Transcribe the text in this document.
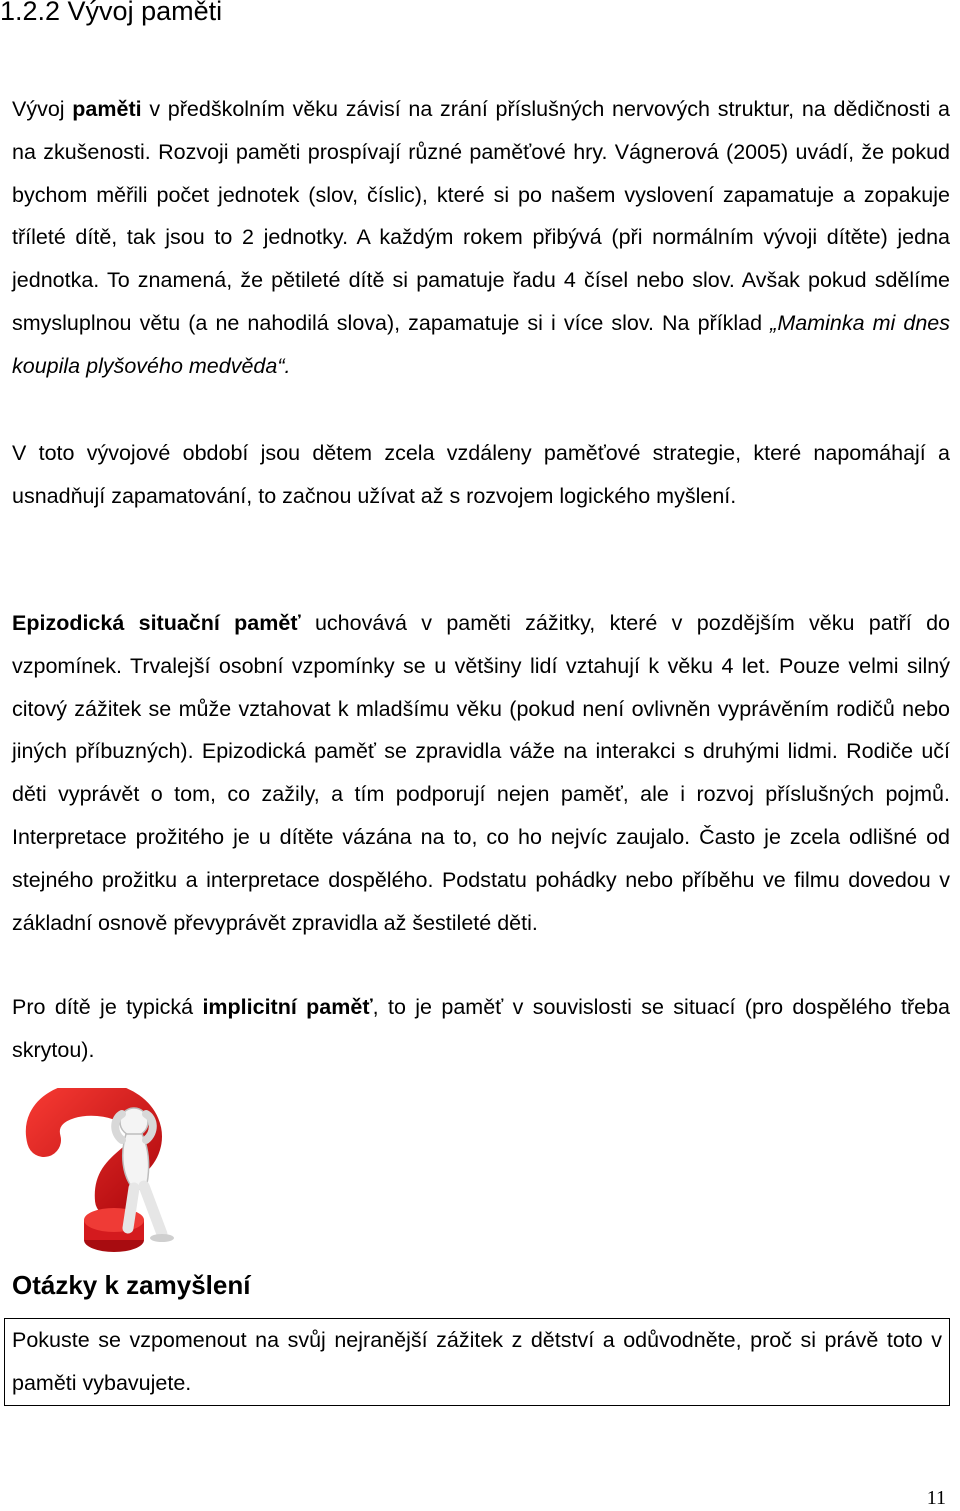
1.2.2 Vývoj paměti

Vývoj paměti v předškolním věku závisí na zrání příslušných nervových struktur, na dědičnosti a na zkušenosti. Rozvoji paměti prospívají různé paměťové hry. Vágnerová (2005) uvádí, že pokud bychom měřili počet jednotek (slov, číslic), které si po našem vyslovení zapamatuje a zopakuje tříleté dítě, tak jsou to 2 jednotky. A každým rokem přibývá (při normálním vývoji dítěte) jedna jednotka. To znamená, že pětileté dítě si pamatuje řadu 4 čísel nebo slov. Avšak pokud sdělíme smysluplnou větu (a ne nahodilá slova), zapamatuje si i více slov. Na příklad „Maminka mi dnes koupila plyšového medvěda“.

V toto vývojové období jsou dětem zcela vzdáleny paměťové strategie, které napomáhají a usnadňují zapamatování, to začnou užívat až s rozvojem logického myšlení.

Epizodická situační paměť uchovává v paměti zážitky, které v pozdějším věku patří do vzpomínek. Trvalejší osobní vzpomínky se u většiny lidí vztahují k věku 4 let. Pouze velmi silný citový zážitek se může vztahovat k mladšímu věku (pokud není ovlivněn vyprávěním rodičů nebo jiných příbuzných). Epizodická paměť se zpravidla váže na interakci s druhými lidmi. Rodiče učí děti vyprávět o tom, co zažily, a tím podporují nejen paměť, ale i rozvoj příslušných pojmů. Interpretace prožitého je u dítěte vázána na to, co ho nejvíc zaujalo. Často je zcela odlišné od stejného prožitku a interpretace dospělého. Podstatu pohádky nebo příběhu ve filmu dovedou v základní osnově převyprávět zpravidla až šestileté děti.

Pro dítě je typická implicitní paměť, to je paměť v souvislosti se situací (pro dospělého třeba skrytou).

Otázky k zamyšlení
Pokuste se vzpomenout na svůj nejranější zážitek z dětství a odůvodněte, proč si právě toto v paměti vybavujete.
11
